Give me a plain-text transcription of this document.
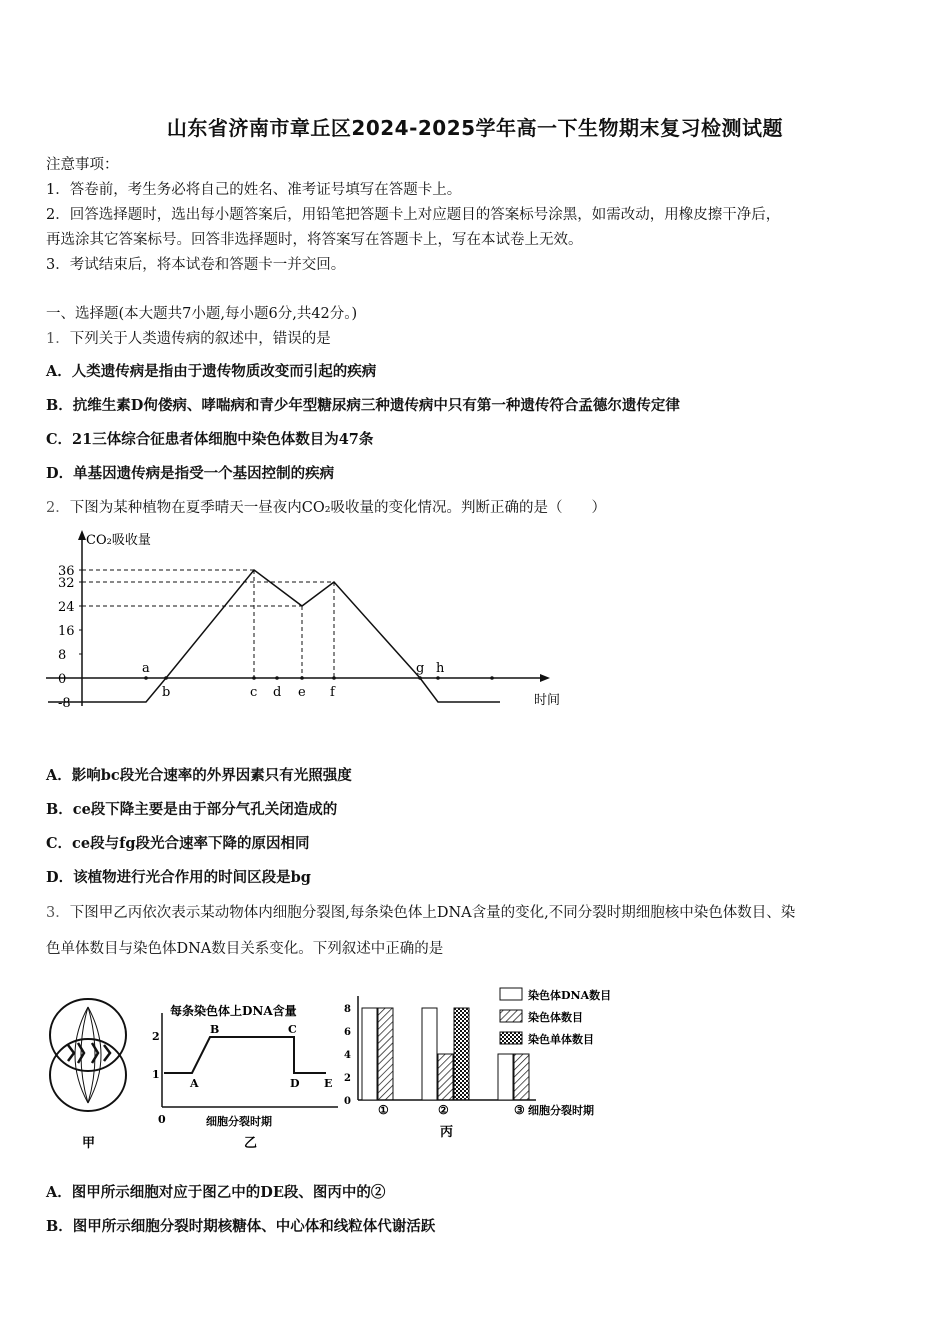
山东省济南市章丘区2024-2025学年高一下生物期末复习检测试题
注意事项：
1．答卷前，考生务必将自己的姓名、准考证号填写在答题卡上。
2．回答选择题时，选出每小题答案后，用铅笔把答题卡上对应题目的答案标号涂黑，如需改动，用橡皮擦干净后，
再选涂其它答案标号。回答非选择题时，将答案写在答题卡上，写在本试卷上无效。
3．考试结束后，将本试卷和答题卡一并交回。
一、选择题(本大题共7小题,每小题6分,共42分。)
1．下列关于人类遗传病的叙述中，错误的是
A．人类遗传病是指由于遗传物质改变而引起的疾病
B．抗维生素D佝偻病、哮喘病和青少年型糖尿病三种遗传病中只有第一种遗传符合孟德尔遗传定律
C．21三体综合征患者体细胞中染色体数目为47条
D．单基因遗传病是指受一个基因控制的疾病
2．下图为某种植物在夏季晴天一昼夜内CO₂吸收量的变化情况。判断正确的是（　　）
CO₂吸收量
时间
-8
0
8
16
24
32
36
a
b	c d e f
g h
A．影响bc段光合速率的外界因素只有光照强度
B．ce段下降主要是由于部分气孔关闭造成的
C．ce段与fg段光合速率下降的原因相同
D．该植物进行光合作用的时间区段是bg
3．下图甲乙丙依次表示某动物体内细胞分裂图,每条染色体上DNA含量的变化,不同分裂时期细胞核中染色体数目、染
色单体数目与染色体DNA数目关系变化。下列叙述中正确的是
甲
每条染色体上DNA含量
0
1
2
A
B	C
D E
细胞分裂时期
乙
0
2
4
6
8
①	②	③ 细胞分裂时期
丙
染色体DNA数目
染色体数目
染色单体数目
A．图甲所示细胞对应于图乙中的DE段、图丙中的②
B．图甲所示细胞分裂时期核糖体、中心体和线粒体代谢活跃
